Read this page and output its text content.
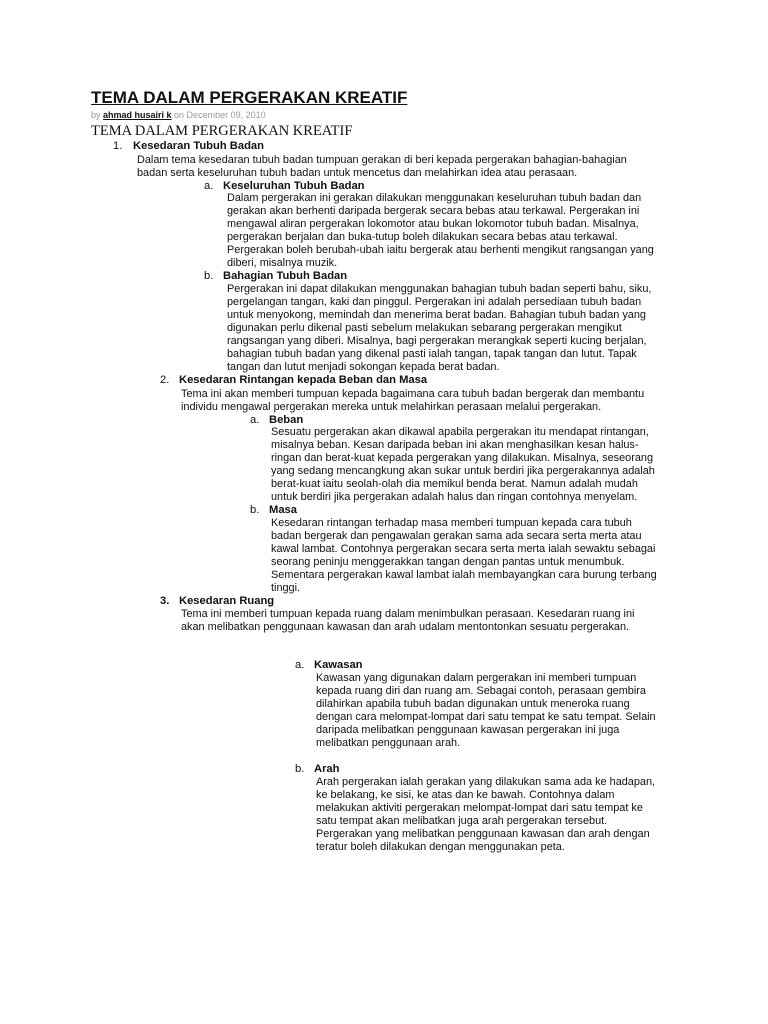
TEMA DALAM PERGERAKAN KREATIF
by ahmad husairi k on December 09, 2010
TEMA DALAM PERGERAKAN KREATIF
1. Kesedaran Tubuh Badan

Dalam tema kesedaran tubuh badan tumpuan gerakan di beri kepada pergerakan bahagian-bahagian
badan serta keseluruhan tubuh badan untuk mencetus dan melahirkan idea atau perasaan.

a. Keseluruhan Tubuh Badan

Dalam pergerakan ini gerakan dilakukan menggunakan keseluruhan tubuh badan dan
gerakan akan berhenti daripada bergerak secara bebas atau terkawal. Pergerakan ini
mengawal aliran pergerakan lokomotor atau bukan lokomotor tubuh badan. Misalnya,
pergerakan berjalan dan buka-tutup boleh dilakukan secara bebas atau terkawal.
Pergerakan boleh berubah-ubah iaitu bergerak atau berhenti mengikut rangsangan yang
diberi, misalnya muzik.

b. Bahagian Tubuh Badan

Pergerakan ini dapat dilakukan menggunakan bahagian tubuh badan seperti bahu, siku,
pergelangan tangan, kaki dan pinggul. Pergerakan ini adalah persediaan tubuh badan
untuk menyokong, memindah dan menerima berat badan. Bahagian tubuh badan yang
digunakan perlu dikenal pasti sebelum melakukan sebarang pergerakan mengikut
rangsangan yang diberi. Misalnya, bagi pergerakan merangkak seperti kucing berjalan,
bahagian tubuh badan yang dikenal pasti ialah tangan, tapak tangan dan lutut. Tapak
tangan dan lutut menjadi sokongan kepada berat badan.

2. Kesedaran Rintangan kepada Beban dan Masa

Tema ini akan memberi tumpuan kepada bagaimana cara tubuh badan bergerak dan membantu
individu mengawal pergerakan mereka untuk melahirkan perasaan melalui pergerakan.

a. Beban

Sesuatu pergerakan akan dikawal apabila pergerakan itu mendapat rintangan,
misalnya beban. Kesan daripada beban ini akan menghasilkan kesan halus-
ringan dan berat-kuat kepada pergerakan yang dilakukan. Misalnya, seseorang
yang sedang mencangkung akan sukar untuk berdiri jika pergerakannya adalah
berat-kuat iaitu seolah-olah dia memikul benda berat. Namun adalah mudah
untuk berdiri jika pergerakan adalah halus dan ringan contohnya menyelam.

b. Masa

Kesedaran rintangan terhadap masa memberi tumpuan kepada cara tubuh
badan bergerak dan pengawalan gerakan sama ada secara serta merta atau
kawal lambat. Contohnya pergerakan secara serta merta ialah sewaktu sebagai
seorang peninju menggerakkan tangan dengan pantas untuk menumbuk.
Sementara pergerakan kawal lambat ialah membayangkan cara burung terbang
tinggi.

3. Kesedaran Ruang

Tema ini memberi tumpuan kepada ruang dalam menimbulkan perasaan. Kesedaran ruang ini
akan melibatkan penggunaan kawasan dan arah udalam mentontonkan sesuatu pergerakan.

a. Kawasan

Kawasan yang digunakan dalam pergerakan ini memberi tumpuan
kepada ruang diri dan ruang am. Sebagai contoh, perasaan gembira
dilahirkan apabila tubuh badan digunakan untuk meneroka ruang
dengan cara melompat-lompat dari satu tempat ke satu tempat. Selain
daripada melibatkan penggunaan kawasan pergerakan ini juga
melibatkan penggunaan arah.

b. Arah

Arah pergerakan ialah gerakan yang dilakukan sama ada ke hadapan,
ke belakang, ke sisi, ke atas dan ke bawah. Contohnya dalam
melakukan aktiviti pergerakan melompat-lompat dari satu tempat ke
satu tempat akan melibatkan juga arah pergerakan tersebut.
Pergerakan yang melibatkan penggunaan kawasan dan arah dengan
teratur boleh dilakukan dengan menggunakan peta.
